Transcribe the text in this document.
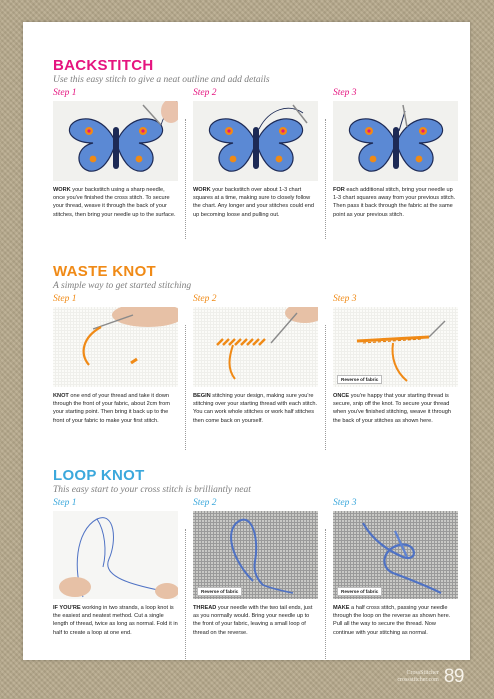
BACKSTITCH
Use this easy stitch to give a neat outline and add details
Step 1
WORK your backstitch using a sharp needle, once you've finished the cross stitch. To secure your thread, weave it through the back of your stitches, then bring your needle up to the surface.
Step 2
WORK your backstitch over about 1-3 chart squares at a time, making sure to closely follow the chart. Any longer and your stitches could end up becoming loose and pulling out.
Step 3
FOR each additional stitch, bring your needle up 1-3 chart squares away from your previous stitch. Then pass it back through the fabric at the same point as your previous stitch.
WASTE KNOT
A simple way to get started stitching
Step 1
KNOT one end of your thread and take it down through the front of your fabric, about 2cm from your starting point. Then bring it back up to the front of your fabric to make your first stitch.
Step 2
BEGIN stitching your design, making sure you're stitching over your starting thread with each stitch. You can work whole stitches or work half stitches then come back on yourself.
Step 3
Reverse of fabric
ONCE you're happy that your starting thread is secure, snip off the knot. To secure your thread when you've finished stitching, weave it through the back of your stitches as shown here.
LOOP KNOT
This easy start to your cross stitch is brilliantly neat
Step 1
IF YOU'RE working in two strands, a loop knot is the easiest and neatest method. Cut a single length of thread, twice as long as normal. Fold it in half to create a loop at one end.
Step 2
Reverse of fabric
THREAD your needle with the two tail ends, just as you normally would. Bring your needle up to the front of your fabric, leaving a small loop of thread on the reverse.
Step 3
Reverse of fabric
MAKE a half cross stitch, passing your needle through the loop on the reverse as shown here. Pull all the way to secure the thread. Now continue with your stitching as normal.
CrossStitcher
crossstitcher.com 89
